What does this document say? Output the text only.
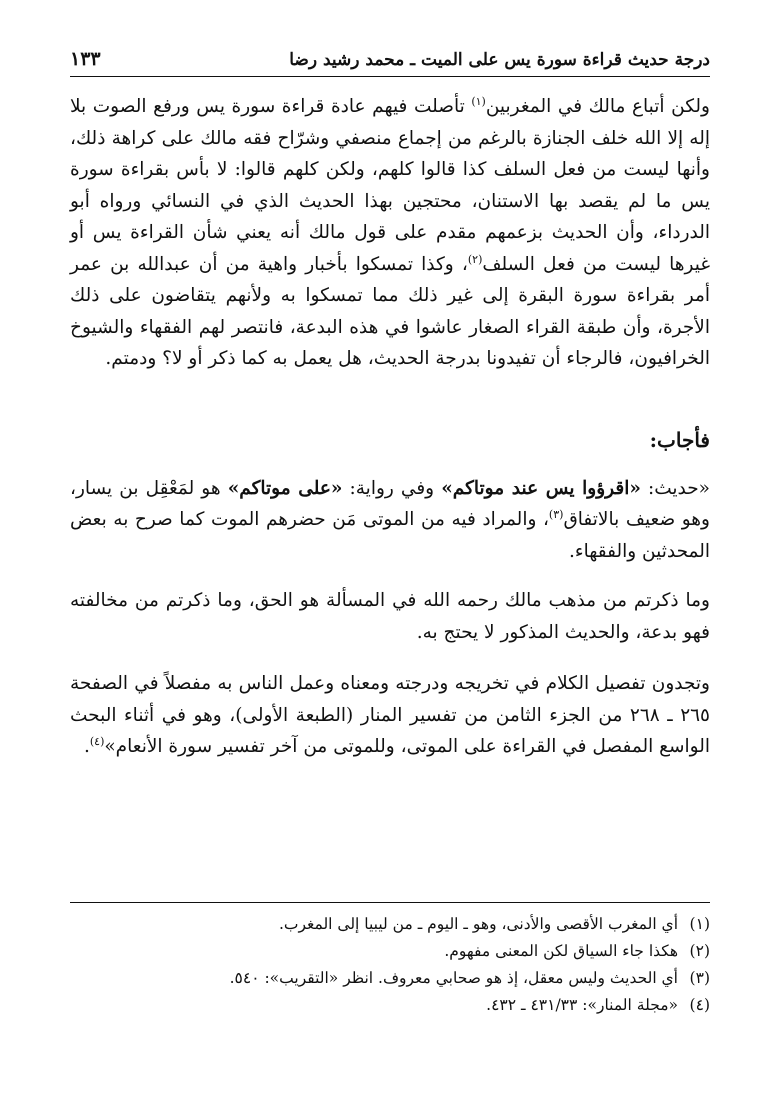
درجة حديث قراءة سورة يس على الميت ـ محمد رشيد رضا
١٣٣

ولكن أتباع مالك في المغربين$^{(١)}$ تأصلت فيهم عادة قراءة سورة يس ورفع الصوت بلا إله إلا الله خلف الجنازة بالرغم من إجماع منصفي وشرّاح فقه مالك على كراهة ذلك، وأنها ليست من فعل السلف كذا قالوا كلهم، ولكن كلهم قالوا: لا بأس بقراءة سورة يس ما لم يقصد بها الاستنان، محتجين بهذا الحديث الذي في النسائي ورواه أبو الدرداء، وأن الحديث بزعمهم مقدم على قول مالك أنه يعني شأن القراءة يس أو غيرها ليست من فعل السلف$^{(٢)}$، وكذا تمسكوا بأخبار واهية من أن عبدالله بن عمر أمر بقراءة سورة البقرة إلى غير ذلك مما تمسكوا به ولأنهم يتقاضون على ذلك الأجرة، وأن طبقة القراء الصغار عاشوا في هذه البدعة، فانتصر لهم الفقهاء والشيوخ الخرافيون، فالرجاء أن تفيدونا بدرجة الحديث، هل يعمل به كما ذكر أو لا؟ ودمتم.

فأجاب:

«حديث: «اقرؤوا يس عند موتاكم» وفي رواية: «على موتاكم» هو لمَعْقِل بن يسار، وهو ضعيف بالاتفاق$^{(٣)}$، والمراد فيه من الموتى مَن حضرهم الموت كما صرح به بعض المحدثين والفقهاء.

وما ذكرتم من مذهب مالك رحمه الله في المسألة هو الحق، وما ذكرتم من مخالفته فهو بدعة، والحديث المذكور لا يحتج به.

وتجدون تفصيل الكلام في تخريجه ودرجته ومعناه وعمل الناس به مفصلاً في الصفحة ٢٦٥ ـ ٢٦٨ من الجزء الثامن من تفسير المنار (الطبعة الأولى)، وهو في أثناء البحث الواسع المفصل في القراءة على الموتى، وللموتى من آخر تفسير سورة الأنعام»$^{(٤)}$.

(١)
أي المغرب الأقصى والأدنى، وهو ـ اليوم ـ من ليبيا إلى المغرب.
(٢)
هكذا جاء السياق لكن المعنى مفهوم.
(٣)
أي الحديث وليس معقل، إذ هو صحابي معروف. انظر «التقريب»: ٥٤٠.
(٤)
«مجلة المنار»: ٤٣١/٣٣ ـ ٤٣٢.
